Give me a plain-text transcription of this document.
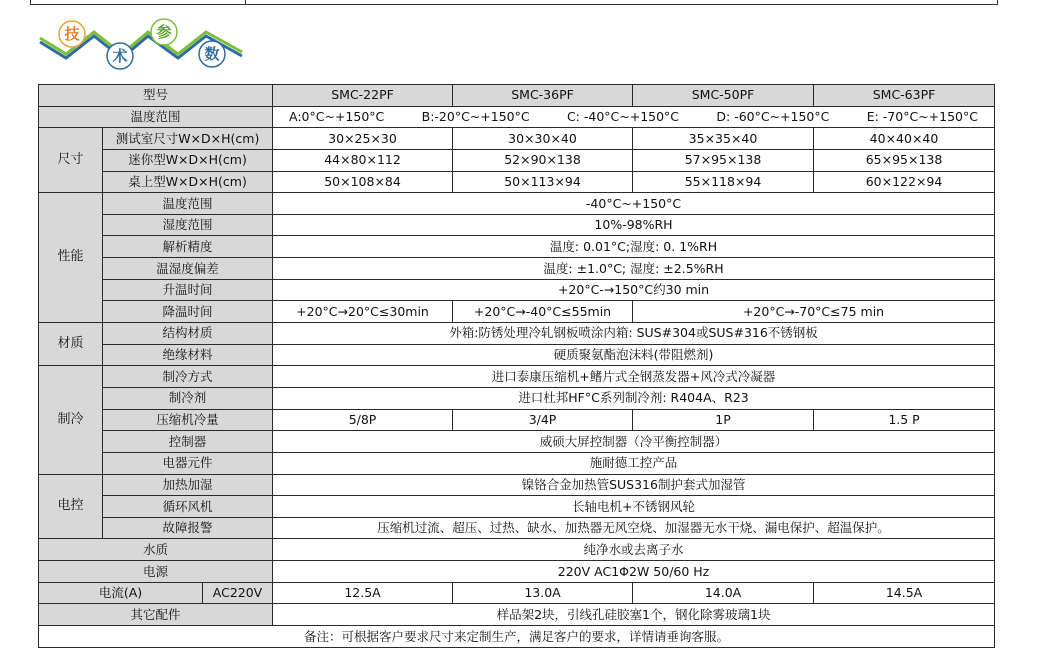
技
术
参
数
型号			SMC-22PF	SMC-36PF	SMC-50PF	SMC-63PF
温度范围			A:0°C~+150°C B:-20°C~+150°C C: -40°C~+150°C D: -60°C~+150°C E: -70°C~+150°C			

尺寸	测试室尺寸W×D×H(cm)		30×25×30	30×30×40	35×35×40	40×40×40
	迷你型W×D×H(cm)		44×80×112	52×90×138	57×95×138	65×95×138
	桌上型W×D×H(cm)		50×108×84	50×113×94	55×118×94	60×122×94
性能	温度范围		-40°C~+150°C			
	湿度范围		10%-98%RH			
	解析精度		温度: 0.01°C;湿度: 0. 1%RH			
	温湿度偏差		温度: ±1.0°C; 湿度: ±2.5%RH			
	升温时间		+20°C-→150°C约30 min			
	降温时间		+20°C→20°C≤30min	+20°C→-40°C≤55min	+20°C→-70°C≤75 min	
材质	结构材质		外箱:防锈处理冷轧钢板喷涂内箱: SUS#304或SUS#316不锈钢板			
	绝缘材料		硬质聚氨酯泡沫料(带阻燃剂)			
制冷	制冷方式		进口泰康压缩机+鳍片式全钢蒸发器+风冷式冷凝器			
	制冷剂		进口杜邦HF°C系列制冷剂: R404A、R23			
	压缩机冷量		5/8P	3/4P	1P	1.5 P
	控制器		威硕大屏控制器（冷平衡控制器）			
	电器元件		施耐德工控产品			
电控	加热加湿		镍铬合金加热管SUS316制护套式加湿管			
	循环风机		长轴电机+不锈钢风轮			
	故障报警		压缩机过流、超压、过热、缺水、加热器无风空烧、加湿器无水干烧、漏电保护、超温保护。			
水质			纯净水或去离子水			
电源			220V AC1Φ2W 50/60 Hz			
电流(A)		AC220V	12.5A	13.0A	14.0A	14.5A
其它配件			样品架2块，引线孔硅胶塞1个，钢化除雾玻璃1块			
备注：可根据客户要求尺寸来定制生产，满足客户的要求，详情请垂询客服。						
